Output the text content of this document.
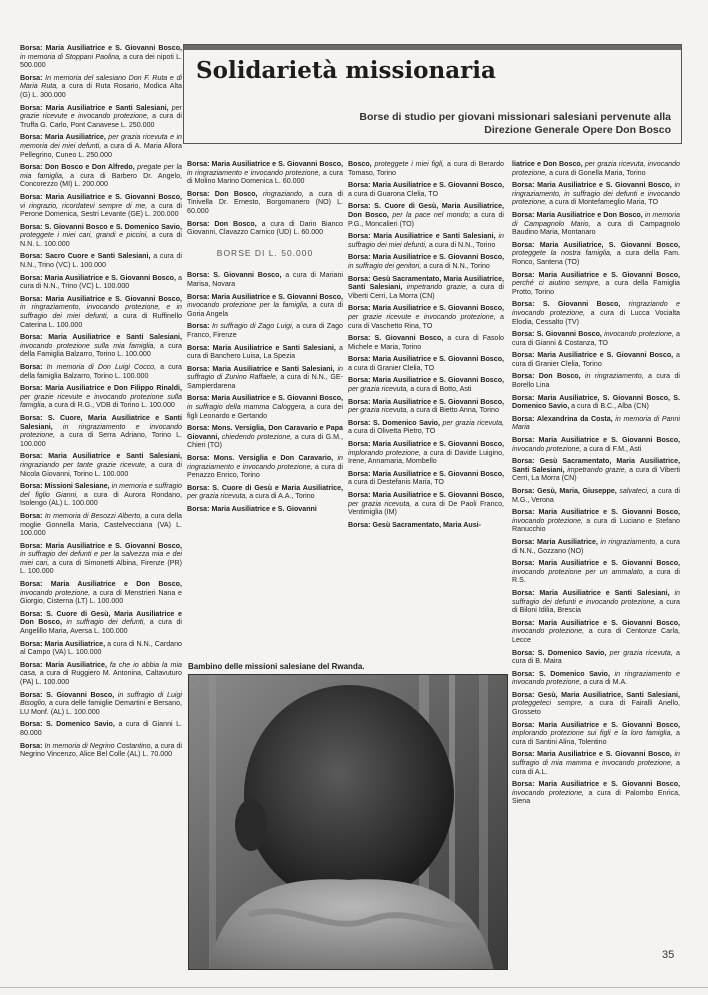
Borsa: Maria Ausiliatrice e S. Giovanni Bosco, in memoria di Stoppani Paolina, a cura dei nipoti L. 500.000

Borsa: In memoria del salesiano Don F. Ruta e di Maria Ruta, a cura di Ruta Rosario, Modica Alta (G) L. 300.000

Borsa: Maria Ausiliatrice e Santi Salesiani, per grazie ricevute e invocando protezione, a cura di Truffa G. Carlo, Pont Canavese L. 250.000

Borsa: Maria Ausiliatrice, per grazia ricevuta e in memoria dei miei defunti, a cura di A. Maria Allora Pellegrino, Cuneo L. 250.000

Borsa: Don Bosco e Don Alfredo, pregate per la mia famiglia, a cura di Barbero Dr. Angelo, Concorezzo (MI) L. 200.000

Borsa: Maria Ausiliatrice e S. Giovanni Bosco, vi ringrazio, ricordatevi sempre di me, a cura di Perone Domenica, Sestri Levante (GE) L. 200.000

Borsa: S. Giovanni Bosco e S. Domenico Savio, proteggete i miei cari, grandi e piccini, a cura di N.N. L. 100.000

Borsa: Sacro Cuore e Santi Salesiani, a cura di N.N., Trino (VC) L. 100.000

Borsa: Maria Ausiliatrice e S. Giovanni Bosco, a cura di N.N., Trino (VC) L. 100.000

Borsa: Maria Ausiliatrice e S. Giovanni Bosco, in ringraziamento, invocando protezione, e in suffragio dei miei defunti, a cura di Ruffinello Caterina L. 100.000

Borsa: Maria Ausiliatrice e Santi Salesiani, invocando protezione sulla mia famiglia, a cura della Famiglia Balzarro, Torino L. 100.000

Borsa: In memoria di Don Luigi Cocco, a cura della famiglia Balzarro, Torino L. 100.000

Borsa: Maria Ausiliatrice e Don Filippo Rinaldi, per grazie ricevute e invocando protezione sulla famiglia, a cura di R.G., VDB di Torino L. 100.000

Borsa: S. Cuore, Maria Ausiliatrice e Santi Salesiani, in ringraziamento e invocando protezione, a cura di Serra Adriano, Torino L. 100.000

Borsa: Maria Ausiliatrice e Santi Salesiani, ringraziando per tante grazie ricevute, a cura di Nicola Giovanni, Torino L. 100.000

Borsa: Missioni Salesiane, in memoria e suffragio del figlio Gianni, a cura di Aurora Rondano, Isolengo (AL) L. 100.000

Borsa: In memoria di Besozzi Alberto, a cura della moglie Gonnella Maria, Castelvecciana (VA) L. 100.000

Borsa: Maria Ausiliatrice e S. Giovanni Bosco, in suffragio dei defunti e per la salvezza mia e dei miei cari, a cura di Simonetti Albina, Firenze (PR) L. 100.000

Borsa: Maria Ausiliatrice e Don Bosco, invocando protezione, a cura di Menstrieri Nana e Giorgio, Cisterna (LT) L. 100.000

Borsa: S. Cuore di Gesù, Maria Ausiliatrice e Don Bosco, in suffragio dei defunti, a cura di Angelillo Maria, Aversa L. 100.000

Borsa: Maria Ausiliatrice, a cura di N.N., Cardano al Campo (VA) L. 100.000

Borsa: Maria Ausiliatrice, fa che io abbia la mia casa, a cura di Ruggiero M. Antonina, Caltavuturo (PA) L. 100.000

Borsa: S. Giovanni Bosco, in suffragio di Luigi Bisoglio, a cura delle famiglie Demartini e Bersano, LU Monf. (AL) L. 100.000

Borsa: S. Domenico Savio, a cura di Gianni L. 80.000

Borsa: In memoria di Negrino Costantino, a cura di Negrino Vincenzo, Alice Bel Colle (AL) L. 70.000

Solidarietà missionaria

Borse di studio per giovani missionari salesiani pervenute alla Direzione Generale Opere Don Bosco

Borsa: Maria Ausiliatrice e S. Giovanni Bosco, in ringraziamento e invocando protezione, a cura di Molino Marino Domenica L. 60.000

Borsa: Don Bosco, ringraziando, a cura di Tinivella Dr. Ernesto, Borgomanero (NO) L. 60.000

Borsa: Don Bosco, a cura di Darin Bianco Giovanni, Clavazzo Carnico (UD) L. 60.000

BORSE DI L. 50.000

Borsa: S. Giovanni Bosco, a cura di Mariani Marisa, Novara

Borsa: Maria Ausiliatrice e S. Giovanni Bosco, invocando protezione per la famiglia, a cura di Goria Angela

Borsa: In suffragio di Zago Luigi, a cura di Zago Franco, Firenze

Borsa: Maria Ausiliatrice e Santi Salesiani, a cura di Banchero Luisa, La Spezia

Borsa: Maria Ausiliatrice e Santi Salesiani, in suffragio di Zunino Raffaele, a cura di N.N., GE-Sampierdarena

Borsa: Maria Ausiliatrice e S. Giovanni Bosco, in suffragio della mamma Caloggera, a cura dei figli Leonardo e Gertando

Borsa: Mons. Versiglia, Don Caravario e Papa Giovanni, chiedendo protezione, a cura di G.M., Chieri (TO)

Borsa: Mons. Versiglia e Don Caravario, in ringraziamento e invocando protezione, a cura di Penazzo Enrico, Torino

Borsa: S. Cuore di Gesù e Maria Ausiliatrice, per grazia ricevuta, a cura di A.A., Torino

Borsa: Maria Ausiliatrice e S. Giovanni

Bosco, proteggete i miei figli, a cura di Berardo Tomaso, Torino

Borsa: Maria Ausiliatrice e S. Giovanni Bosco, a cura di Guarona Clelia, TO

Borsa: S. Cuore di Gesù, Maria Ausiliatrice, Don Bosco, per la pace nel mondo; a cura di P.G., Moncalieri (TO)

Borsa: Maria Ausiliatrice e Santi Salesiani, in suffragio dei miei defunti, a cura di N.N., Torino

Borsa: Maria Ausiliatrice e S. Giovanni Bosco, in suffragio dei genitori, a cura di N.N., Torino

Borsa: Gesù Sacramentato, Maria Ausiliatrice, Santi Salesiani, impetrando grazie, a cura di Viberti Cerri, La Morra (CN)

Borsa: Maria Ausiliatrice e S. Giovanni Bosco, per grazie ricevute e invocando protezione, a cura di Vaschetto Rina, TO

Borsa: S. Giovanni Bosco, a cura di Fasolo Michele e Maria, Torino

Borsa: Maria Ausiliatrice e S. Giovanni Bosco, a cura di Granier Clelia, TO

Borsa: Maria Ausiliatrice e S. Giovanni Bosco, per grazia ricevuta, a cura di Botto, Asti

Borsa: Maria Ausiliatrice e S. Giovanni Bosco, per grazia ricevuta, a cura di Bietto Anna, Torino

Borsa: S. Domenico Savio, per grazia ricevuta, a cura di Olivetta Pietro, TO

Borsa: Maria Ausiliatrice e S. Giovanni Bosco, implorando protezione, a cura di Davide Luigino, Irene, Annamaria, Mombello

Borsa: Maria Ausiliatrice e S. Giovanni Bosco, a cura di Destefanis Maria, TO

Borsa: Maria Ausiliatrice e S. Giovanni Bosco, per grazia ricevuta, a cura di De Paoli Franco, Ventimiglia (IM)

Borsa: Gesù Sacramentato, Maria Ausi-

liatrice e Don Bosco, per grazia ricevuta, invocando protezione, a cura di Gonella Maria, Torino

Borsa: Maria Ausiliatrice e S. Giovanni Bosco, in ringraziamento, in suffragio dei defunti e invocando protezione, a cura di Montefameglio Maria, TO

Borsa: Maria Ausiliatrice e Don Bosco, in memoria di Campagnolo Mario, a cura di Campagnolo Baudino Maria, Montanaro

Borsa: Maria Ausiliatrice, S. Giovanni Bosco, proteggete la nostra famiglia, a cura della Fam. Ronco, Santena (TO)

Borsa: Maria Ausiliatrice e S. Giovanni Bosco, perché ci aiutino sempre, a cura della Famiglia Protto, Torino

Borsa: S. Giovanni Bosco, ringraziando e invocando protezione, a cura di Lucca Vocialta Elodia, Cessalto (TV)

Borsa: S. Giovanni Bosco, invocando protezione, a cura di Gianni & Costanza, TO

Borsa: Maria Ausiliatrice e S. Giovanni Bosco, a cura di Granier Clelia, Torino

Borsa: Don Bosco, in ringraziamento, a cura di Borello Lina

Borsa: Maria Ausiliatrice, S. Giovanni Bosco, S. Domenico Savio, a cura di B.C., Alba (CN)

Borsa: Alexandrina da Costa, in memoria di Panni Maria

Borsa: Maria Ausiliatrice e S. Giovanni Bosco, invocando protezione, a cura di F.M., Asti

Borsa: Gesù Sacramentato, Maria Ausiliatrice, Santi Salesiani, impetrando grazie, a cura di Viberti Cerri, La Morra (CN)

Borsa: Gesù, Maria, Giuseppe, salvateci, a cura di M.G., Verona

Borsa: Maria Ausiliatrice e S. Giovanni Bosco, invocando protezione, a cura di Luciano e Stefano Ranucchio

Borsa: Maria Ausiliatrice, in ringraziamento, a cura di N.N., Gozzano (NO)

Borsa: Maria Ausiliatrice e S. Giovanni Bosco, invocando protezione per un ammalato, a cura di R.S.

Borsa: Maria Ausiliatrice e Santi Salesiani, in suffragio dei defunti e invocando protezione, a cura di Biloni Idilia, Brescia

Borsa: Maria Ausiliatrice e S. Giovanni Bosco, invocando protezione, a cura di Centonze Carla, Lecce

Borsa: S. Domenico Savio, per grazia ricevuta, a cura di B. Maira

Borsa: S. Domenico Savio, in ringraziamento e invocando protezione, a cura di M.A.

Borsa: Gesù, Maria Ausiliatrice, Santi Salesiani, proteggeteci sempre, a cura di Fairalli Anello, Grosseto

Borsa: Maria Ausiliatrice e S. Giovanni Bosco, implorando protezione sui figli e la loro famiglia, a cura di Santini Alina, Tolentino

Borsa: Maria Ausiliatrice e S. Giovanni Bosco, in suffragio di mia mamma e invocando protezione, a cura di A.L.

Borsa: Maria Ausiliatrice e S. Giovanni Bosco, invocando protezione, a cura di Palombo Enrica, Siena

Bambino delle missioni salesiane del Rwanda.
35
